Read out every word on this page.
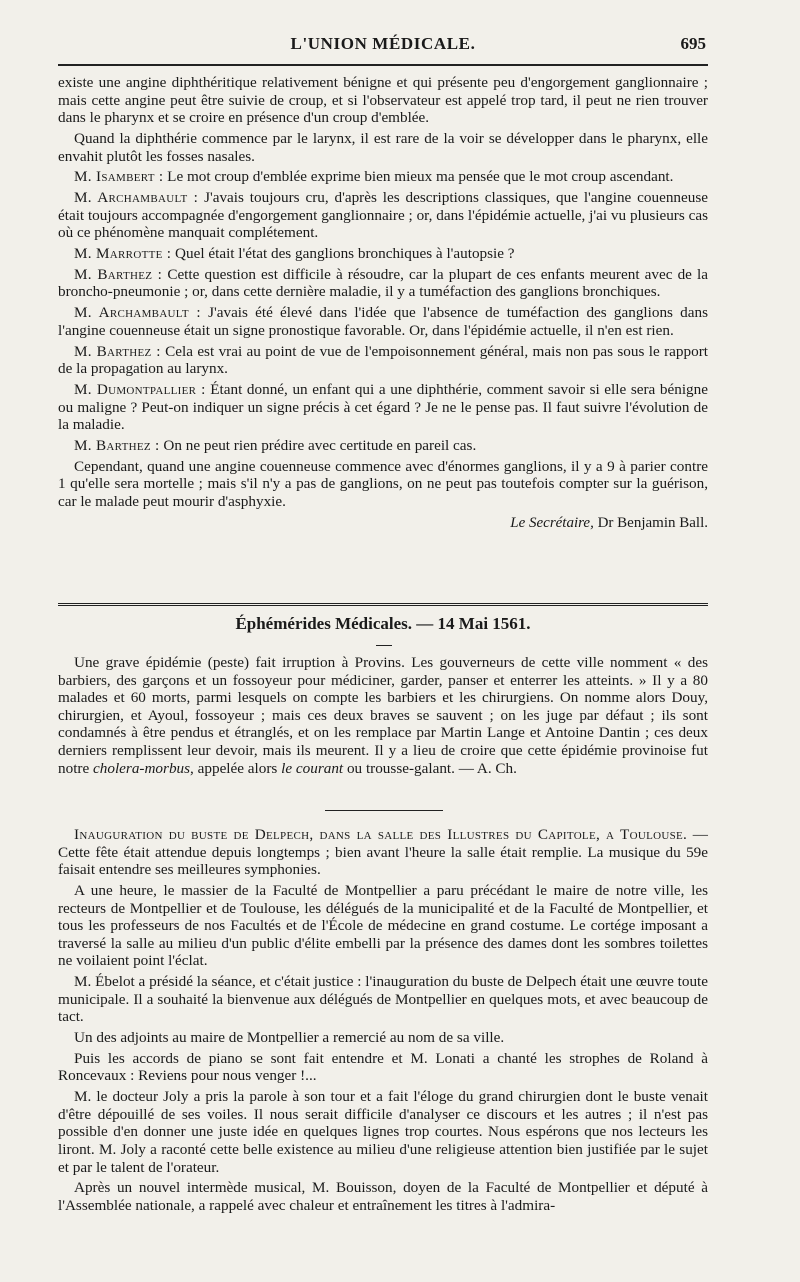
L'UNION MÉDICALE.	695

existe une angine diphthéritique relativement bénigne et qui présente peu d'engorgement ganglionnaire ; mais cette angine peut être suivie de croup, et si l'observateur est appelé trop tard, il peut ne rien trouver dans le pharynx et se croire en présence d'un croup d'emblée.

Quand la diphthérie commence par le larynx, il est rare de la voir se développer dans le pharynx, elle envahit plutôt les fosses nasales.

M. Isambert : Le mot croup d'emblée exprime bien mieux ma pensée que le mot croup ascendant.

M. Archambault : J'avais toujours cru, d'après les descriptions classiques, que l'angine couenneuse était toujours accompagnée d'engorgement ganglionnaire ; or, dans l'épidémie actuelle, j'ai vu plusieurs cas où ce phénomène manquait complétement.

M. Marrotte : Quel était l'état des ganglions bronchiques à l'autopsie ?

M. Barthez : Cette question est difficile à résoudre, car la plupart de ces enfants meurent avec de la broncho-pneumonie ; or, dans cette dernière maladie, il y a tuméfaction des ganglions bronchiques.

M. Archambault : J'avais été élevé dans l'idée que l'absence de tuméfaction des ganglions dans l'angine couenneuse était un signe pronostique favorable. Or, dans l'épidémie actuelle, il n'en est rien.

M. Barthez : Cela est vrai au point de vue de l'empoisonnement général, mais non pas sous le rapport de la propagation au larynx.

M. Dumontpallier : Étant donné, un enfant qui a une diphthérie, comment savoir si elle sera bénigne ou maligne ? Peut-on indiquer un signe précis à cet égard ? Je ne le pense pas. Il faut suivre l'évolution de la maladie.

M. Barthez : On ne peut rien prédire avec certitude en pareil cas.

Cependant, quand une angine couenneuse commence avec d'énormes ganglions, il y a 9 à parier contre 1 qu'elle sera mortelle ; mais s'il n'y a pas de ganglions, on ne peut pas toutefois compter sur la guérison, car le malade peut mourir d'asphyxie.

Le Secrétaire, Dr Benjamin Ball.
Éphémérides Médicales. — 14 Mai 1561.

Une grave épidémie (peste) fait irruption à Provins. Les gouverneurs de cette ville nomment « des barbiers, des garçons et un fossoyeur pour médiciner, garder, panser et enterrer les atteints. » Il y a 80 malades et 60 morts, parmi lesquels on compte les barbiers et les chirurgiens. On nomme alors Douy, chirurgien, et Ayoul, fossoyeur ; mais ces deux braves se sauvent ; on les juge par défaut ; ils sont condamnés à être pendus et étranglés, et on les remplace par Martin Lange et Antoine Dantin ; ces deux derniers remplissent leur devoir, mais ils meurent. Il y a lieu de croire que cette épidémie provinoise fut notre cholera-morbus, appelée alors le courant ou trousse-galant. — A. Ch.

Inauguration du buste de Delpech, dans la salle des Illustres du Capitole, a Toulouse. — Cette fête était attendue depuis longtemps ; bien avant l'heure la salle était remplie. La musique du 59e faisait entendre ses meilleures symphonies.

A une heure, le massier de la Faculté de Montpellier a paru précédant le maire de notre ville, les recteurs de Montpellier et de Toulouse, les délégués de la municipalité et de la Faculté de Montpellier, et tous les professeurs de nos Facultés et de l'École de médecine en grand costume. Le cortége imposant a traversé la salle au milieu d'un public d'élite embelli par la présence des dames dont les sombres toilettes ne voilaient point l'éclat.

M. Ébelot a présidé la séance, et c'était justice : l'inauguration du buste de Delpech était une œuvre toute municipale. Il a souhaité la bienvenue aux délégués de Montpellier en quelques mots, et avec beaucoup de tact.

Un des adjoints au maire de Montpellier a remercié au nom de sa ville.

Puis les accords de piano se sont fait entendre et M. Lonati a chanté les strophes de Roland à Roncevaux : Reviens pour nous venger !...

M. le docteur Joly a pris la parole à son tour et a fait l'éloge du grand chirurgien dont le buste venait d'être dépouillé de ses voiles. Il nous serait difficile d'analyser ce discours et les autres ; il n'est pas possible d'en donner une juste idée en quelques lignes trop courtes. Nous espérons que nos lecteurs les liront. M. Joly a raconté cette belle existence au milieu d'une religieuse attention bien justifiée par le sujet et par le talent de l'orateur.

Après un nouvel intermède musical, M. Bouisson, doyen de la Faculté de Montpellier et député à l'Assemblée nationale, a rappelé avec chaleur et entraînement les titres à l'admira-
